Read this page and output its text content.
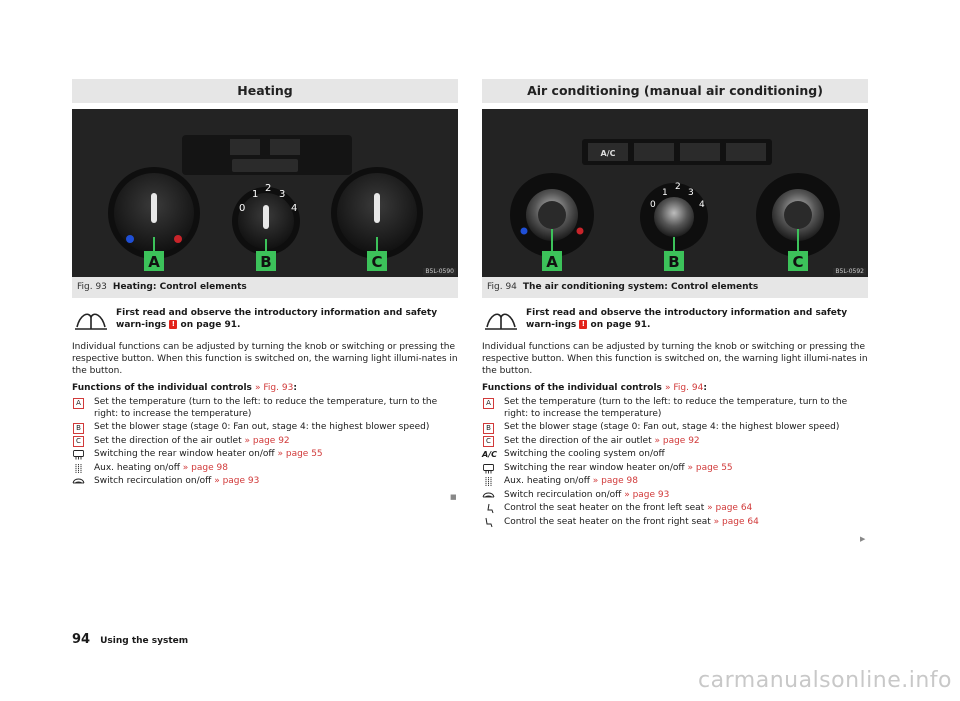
Heating
0
1
2
3
4
A	B	C
B5L-0590
Fig. 93 Heating: Control elements
First read and observe the introductory information and safety warn-ings ! on page 91.
Individual functions can be adjusted by turning the knob or switching or pressing the respective button. When this function is switched on, the warning light illumi-nates in the button.
Functions of the individual controls » Fig. 93:
A	Set the temperature (turn to the left: to reduce the temperature, turn to the right: to increase the temperature)
B	Set the blower stage (stage 0: Fan out, stage 4: the highest blower speed)
C	Set the direction of the air outlet » page 92
Switching the rear window heater on/off » page 55
Aux. heating on/off » page 98
Switch recirculation on/off » page 93
■
Air conditioning (manual air conditioning)
A/C
0
1
2
3
4
A	B	C
B5L-0592
Fig. 94 The air conditioning system: Control elements
First read and observe the introductory information and safety warn-ings ! on page 91.
Individual functions can be adjusted by turning the knob or switching or pressing the respective button. When this function is switched on, the warning light illumi-nates in the button.
Functions of the individual controls » Fig. 94:
A	Set the temperature (turn to the left: to reduce the temperature, turn to the right: to increase the temperature)
B	Set the blower stage (stage 0: Fan out, stage 4: the highest blower speed)
C	Set the direction of the air outlet » page 92
A/C Switching the cooling system on/off
Switching the rear window heater on/off » page 55
Aux. heating on/off » page 98
Switch recirculation on/off » page 93
Control the seat heater on the front left seat » page 64
Control the seat heater on the front right seat » page 64
▶
94 Using the system
carmanualsonline.info
